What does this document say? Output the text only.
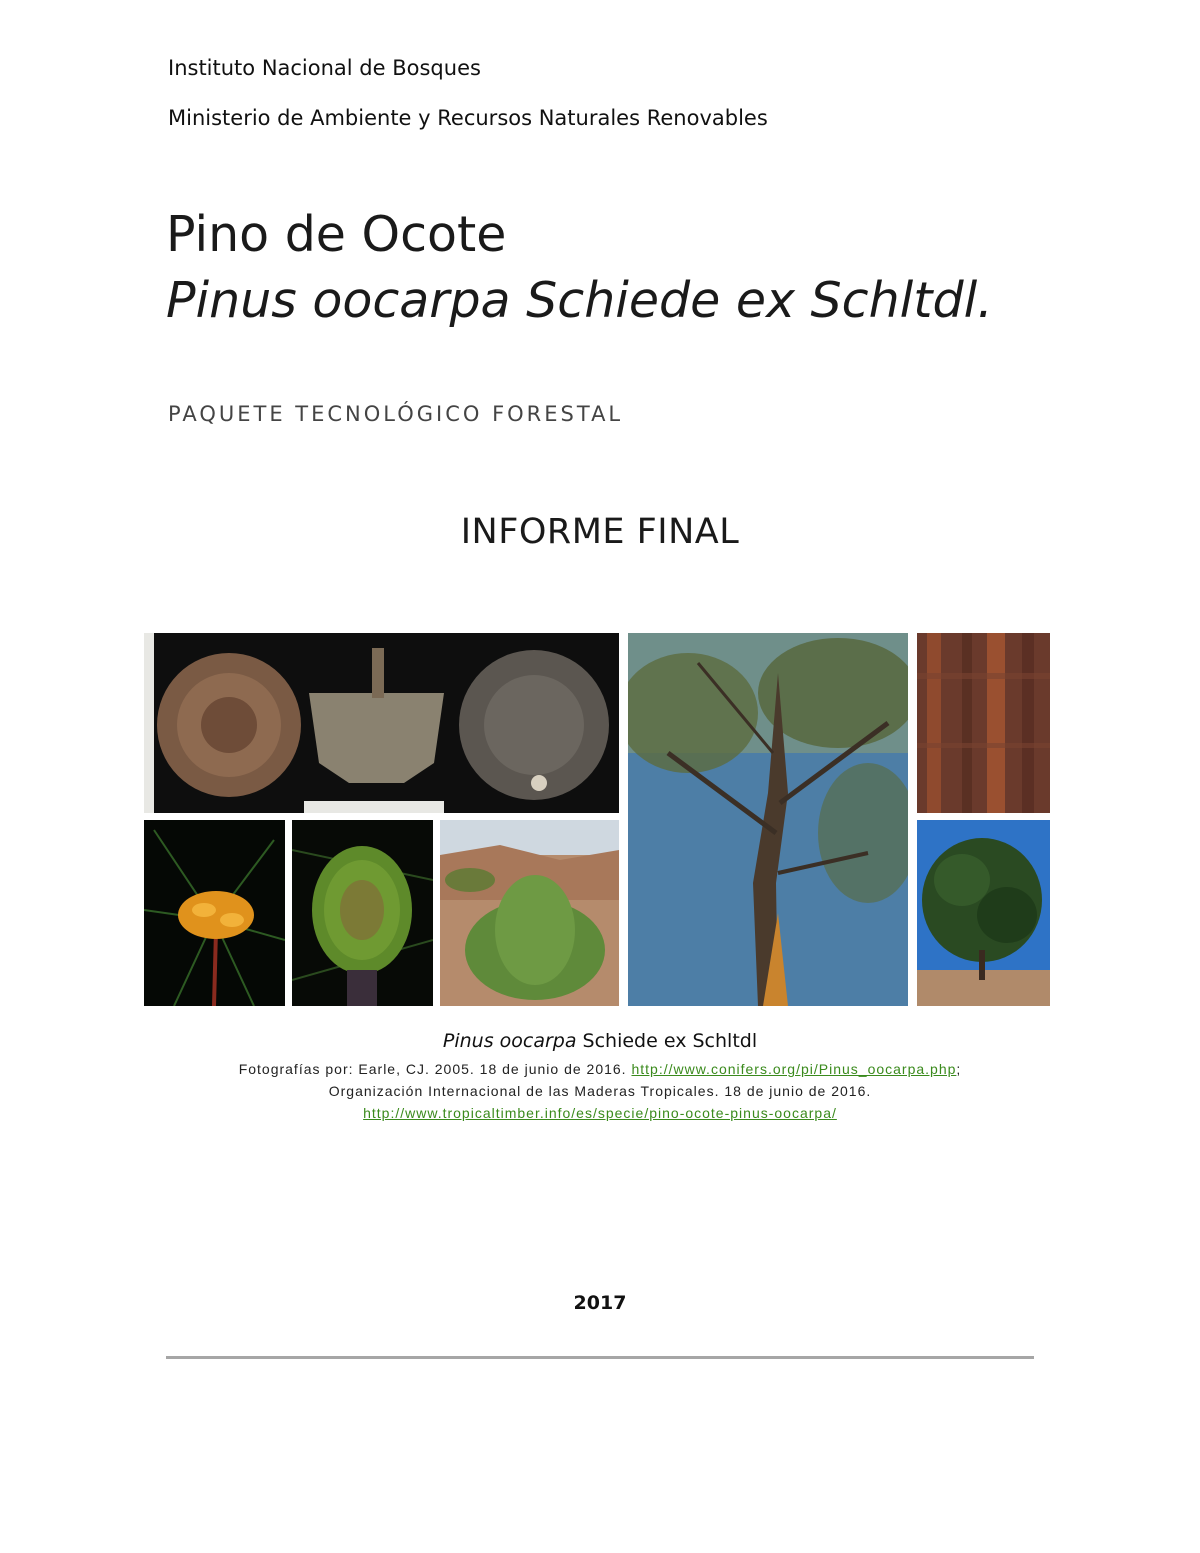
Instituto Nacional de Bosques
Ministerio de Ambiente y Recursos Naturales Renovables
Pino de Ocote
Pinus oocarpa Schiede ex Schltdl.
PAQUETE TECNOLÓGICO FORESTAL
INFORME FINAL
Pinus oocarpa Schiede ex Schltdl
Fotografías por: Earle, CJ. 2005. 18 de junio de 2016. http://www.conifers.org/pi/Pinus_oocarpa.php;
Organización Internacional de las Maderas Tropicales. 18 de junio de 2016.
http://www.tropicaltimber.info/es/specie/pino-ocote-pinus-oocarpa/
2017
